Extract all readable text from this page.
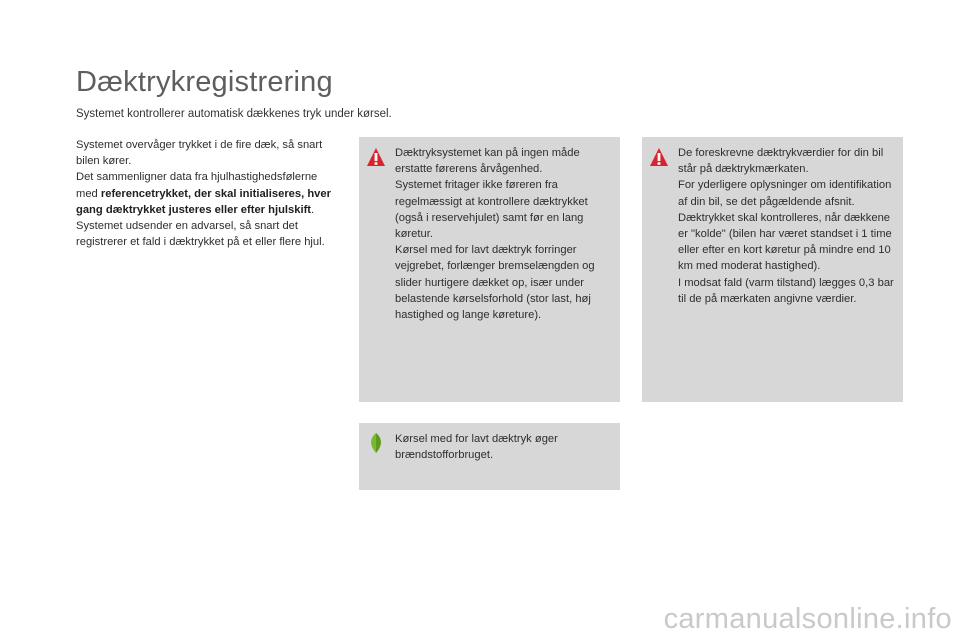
Dæktrykregistrering

Systemet kontrollerer automatisk dækkenes tryk under kørsel.

Systemet overvåger trykket i de fire dæk, så snart bilen kører.

Det sammenligner data fra hjulhastighedsfølerne med referencetrykket, der skal initialiseres, hver gang dæktrykket justeres eller efter hjulskift.

Systemet udsender en advarsel, så snart det registrerer et fald i dæktrykket på et eller flere hjul.

Dæktryksystemet kan på ingen måde erstatte førerens årvågenhed.

Systemet fritager ikke føreren fra regelmæssigt at kontrollere dæktrykket (også i reservehjulet) samt før en lang køretur.

Kørsel med for lavt dæktryk forringer vejgrebet, forlænger bremselængden og slider hurtigere dækket op, især under belastende kørselsforhold (stor last, høj hastighed og lange køreture).

De foreskrevne dæktrykværdier for din bil står på dæktrykmærkaten.

For yderligere oplysninger om identifikation af din bil, se det pågældende afsnit.

Dæktrykket skal kontrolleres, når dækkene er "kolde" (bilen har været standset i 1 time eller efter en kort køretur på mindre end 10 km med moderat hastighed).

I modsat fald (varm tilstand) lægges 0,3 bar til de på mærkaten angivne værdier.

Kørsel med for lavt dæktryk øger brændstofforbruget.

carmanualsonline.info
